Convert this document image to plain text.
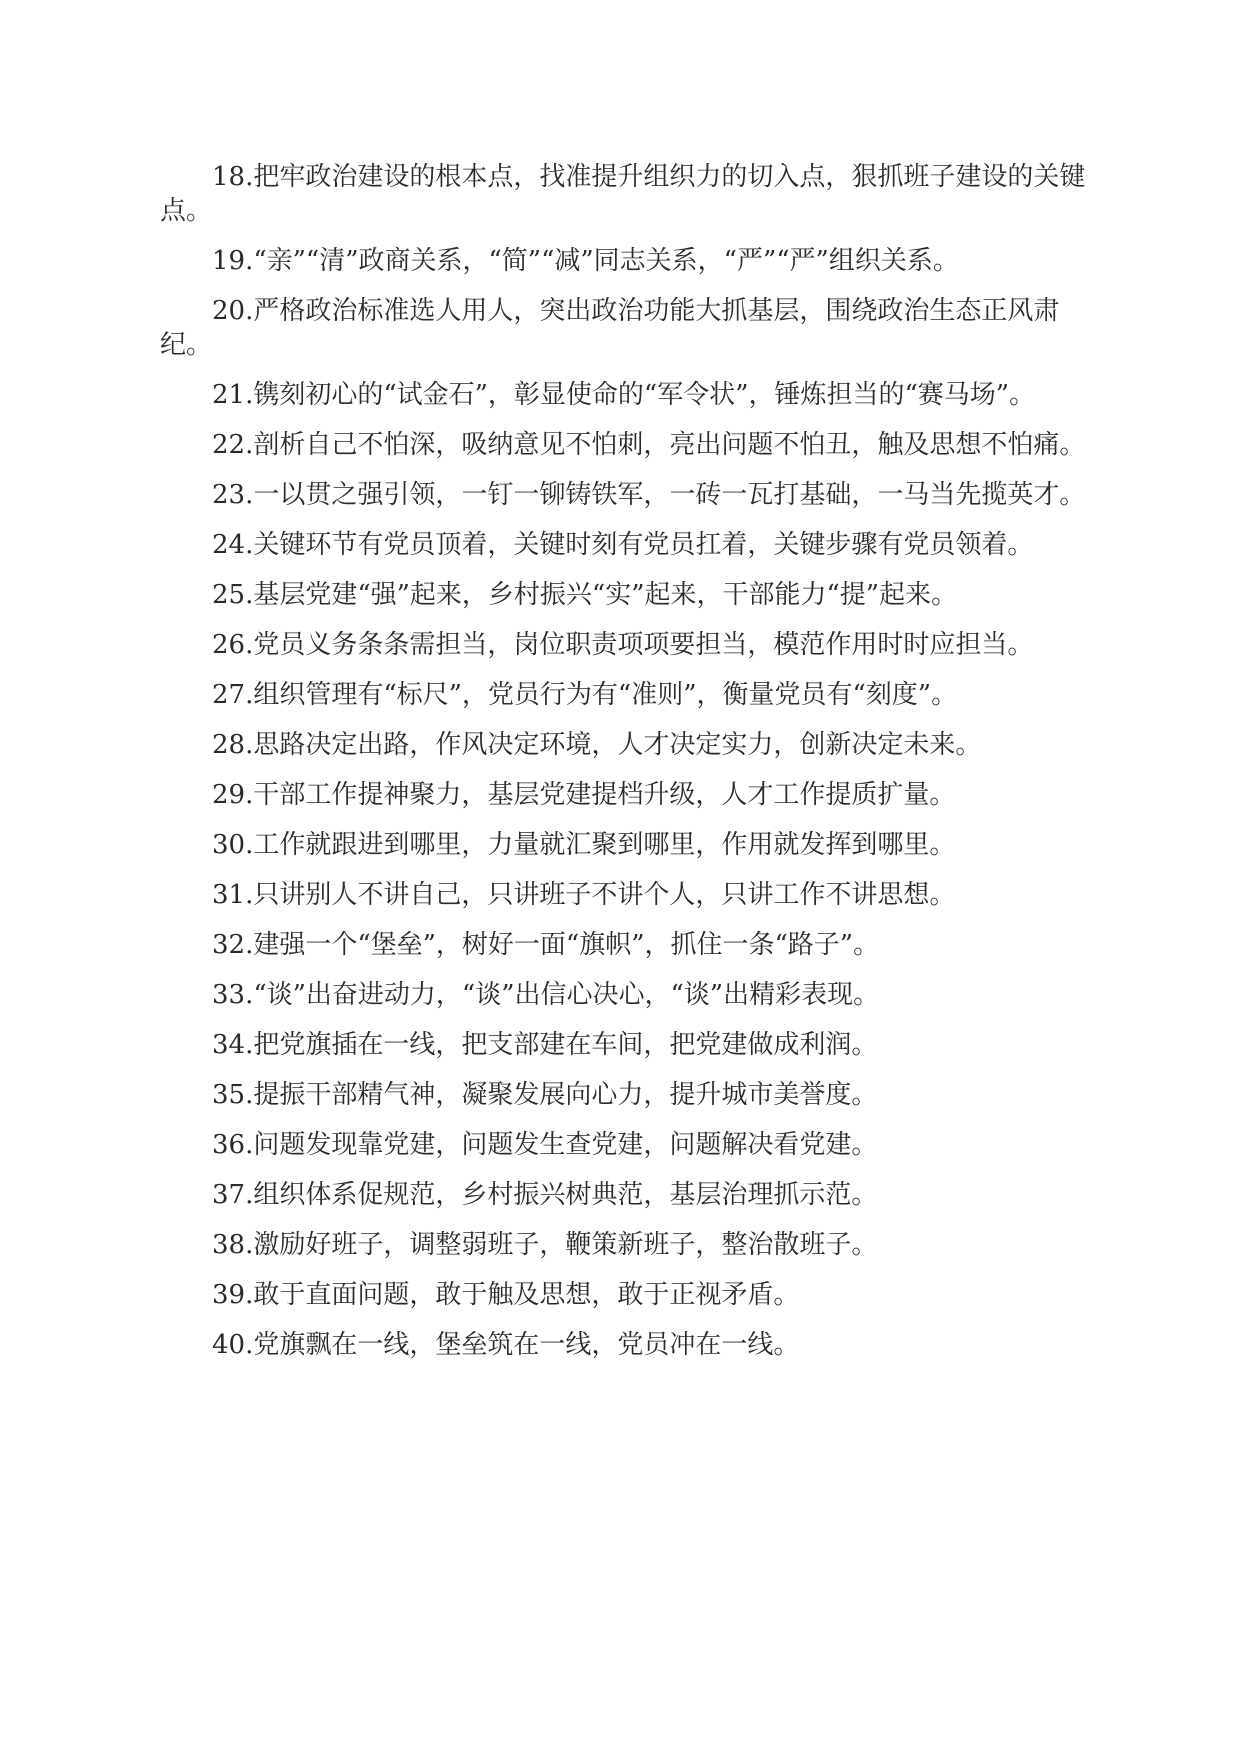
18.把牢政治建设的根本点，找准提升组织力的切入点，狠抓班子建设的关键点。

19.“亲”“清”政商关系，“简”“减”同志关系，“严”“严”组织关系。

20.严格政治标准选人用人，突出政治功能大抓基层，围绕政治生态正风肃纪。

21.镌刻初心的“试金石”，彰显使命的“军令状”，锤炼担当的“赛马场”。

22.剖析自己不怕深，吸纳意见不怕刺，亮出问题不怕丑，触及思想不怕痛。

23.一以贯之强引领，一钉一铆铸铁军，一砖一瓦打基础，一马当先揽英才。

24.关键环节有党员顶着，关键时刻有党员扛着，关键步骤有党员领着。

25.基层党建“强”起来，乡村振兴“实”起来，干部能力“提”起来。

26.党员义务条条需担当，岗位职责项项要担当，模范作用时时应担当。

27.组织管理有“标尺”，党员行为有“准则”，衡量党员有“刻度”。

28.思路决定出路，作风决定环境，人才决定实力，创新决定未来。

29.干部工作提神聚力，基层党建提档升级，人才工作提质扩量。

30.工作就跟进到哪里，力量就汇聚到哪里，作用就发挥到哪里。

31.只讲别人不讲自己，只讲班子不讲个人，只讲工作不讲思想。

32.建强一个“堡垒”，树好一面“旗帜”，抓住一条“路子”。

33.“谈”出奋进动力，“谈”出信心决心，“谈”出精彩表现。

34.把党旗插在一线，把支部建在车间，把党建做成利润。

35.提振干部精气神，凝聚发展向心力，提升城市美誉度。

36.问题发现靠党建，问题发生查党建，问题解决看党建。

37.组织体系促规范，乡村振兴树典范，基层治理抓示范。

38.激励好班子，调整弱班子，鞭策新班子，整治散班子。

39.敢于直面问题，敢于触及思想，敢于正视矛盾。

40.党旗飘在一线，堡垒筑在一线，党员冲在一线。
